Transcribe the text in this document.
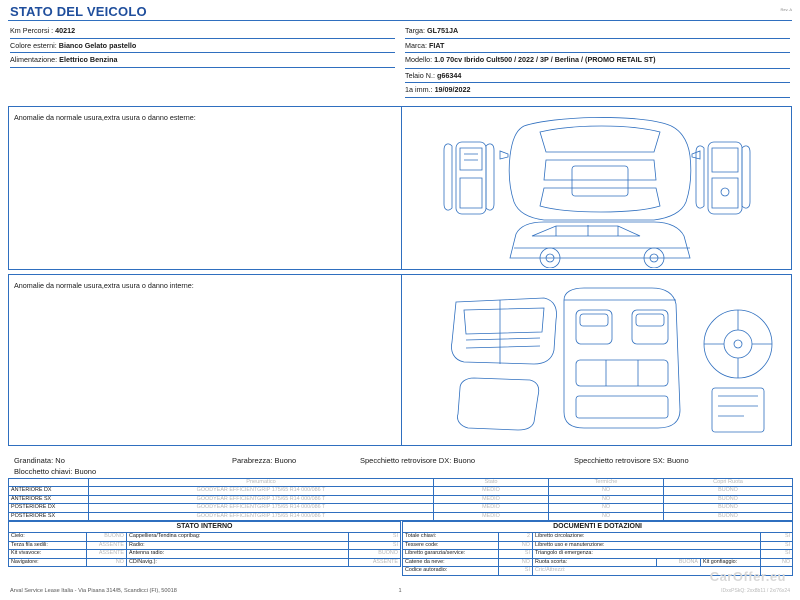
STATO DEL VEICOLO	Rev. A
Km Percorsi : 40212
Colore esterni: Bianco Gelato pastello
Alimentazione: Elettrico Benzina
Targa: GL751JA
Marca: FIAT
Modello: 1.0 70cv Ibrido Cult500 / 2022 / 3P / Berlina / (PROMO RETAIL ST)
Telaio N.: g66344
1a imm.: 19/09/2022
Anomalie da normale usura,extra usura o danno esterne:
Anomalie da normale usura,extra usura o danno interne:
Grandinata: No	Parabrezza: Buono	Specchietto retrovisore DX: Buono	Specchietto retrovisore SX: Buono
Blocchetto chiavi: Buono
	Pneumatico	Stato	Termiche	Copri Ruota
ANTERIORE DX	GOODYEAR EFFICIENTGRIP 175/65 R14 000/086 T	MEDIO	NO	BUONO
ANTERIORE SX	GOODYEAR EFFICIENTGRIP 175/65 R14 000/086 T	MEDIO	NO	BUONO
POSTERIORE DX	GOODYEAR EFFICIENTGRIP 175/65 R14 000/086 T	MEDIO	NO	BUONO
POSTERIORE SX	GOODYEAR EFFICIENTGRIP 175/65 R14 000/086 T	MEDIO	NO	BUONO
STATO INTERNO			
Cielo:	BUONO	Cappelliera/Tendina copribag:	SI
Terza fila sedili:	ASSENTE	Radio:	SI
Kit vivavoce:	ASSENTE	Antenna radio:	BUONO
Navigatore:	NO	CD/Navig.):	ASSENTE
DOCUMENTI E DOTAZIONI					
Totale chiavi:	2	Libretto circolazione:			SI
Tessere code:	NO	Libretto uso e manutenzione:			SI
Libretto garanzia/service:	SI	Triangolo di emergenza:			SI
Catene da neve:	NO	Ruota scorta:	BUONA	Kit gonfiaggio:	NO
Codice autoradio:	SI	Cric/Attrezzi:				CarOffer.eu
Arval Service Lease Italia - Via Pisana 314/B, Scandicci (FI), 50018	1	IDxxPSkQ: 2xx8b11 / 2x/76x24
